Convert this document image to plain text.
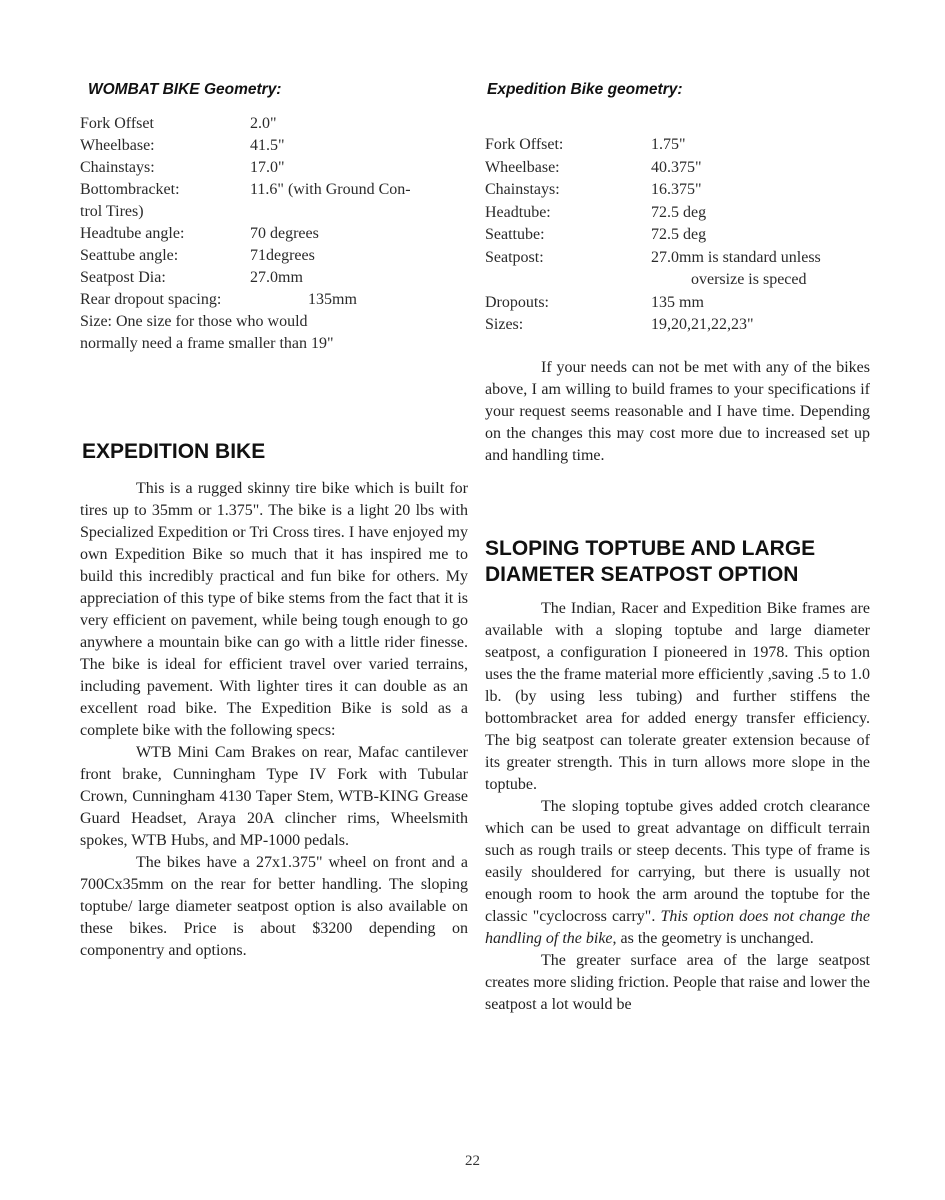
WOMBAT BIKE Geometry:
Fork Offset	2.0"
Wheelbase:	41.5"
Chainstays:	17.0"
Bottombracket:	11.6" (with Ground Con-
trol Tires)
Headtube angle:	70 degrees
Seattube angle:	71degrees
Seatpost Dia:	27.0mm
Rear dropout spacing:	135mm
Size: One size for those who would
normally need a frame smaller than 19"
EXPEDITION BIKE

This is a rugged skinny tire bike which is built for tires up to 35mm or 1.375". The bike is a light 20 lbs with Specialized Expedition or Tri Cross tires. I have enjoyed my own Expedition Bike so much that it has inspired me to build this incredibly practical and fun bike for others. My appreciation of this type of bike stems from the fact that it is very efficient on pavement, while being tough enough to go anywhere a mountain bike can go with a little rider finesse. The bike is ideal for efficient travel over varied terrains, including pavement. With lighter tires it can double as an excellent road bike. The Expedition Bike is sold as a complete bike with the following specs:

WTB Mini Cam Brakes on rear, Mafac cantilever front brake, Cunningham Type IV Fork with Tubular Crown, Cunningham 4130 Taper Stem, WTB-KING Grease Guard Headset, Araya 20A clincher rims, Wheelsmith spokes, WTB Hubs, and MP-1000 pedals.

The bikes have a 27x1.375" wheel on front and a 700Cx35mm on the rear for better handling. The sloping toptube/ large diameter seatpost option is also available on these bikes. Price is about $3200 depending on componentry and options.

Expedition Bike geometry:
Fork Offset:	1.75"
Wheelbase:	40.375"
Chainstays:	16.375"
Headtube:	72.5 deg
Seattube:	72.5 deg
Seatpost:	27.0mm is standard unless
oversize is speced
Dropouts:	135 mm
Sizes:	19,20,21,22,23"

If your needs can not be met with any of the bikes above, I am willing to build frames to your specifications if your request seems reasonable and I have time. Depending on the changes this may cost more due to increased set up and handling time.

SLOPING TOPTUBE AND LARGE DIAMETER SEATPOST OPTION

The Indian, Racer and Expedition Bike frames are available with a sloping toptube and large diameter seatpost, a configuration I pioneered in 1978. This option uses the the frame material more efficiently ,saving .5 to 1.0 lb. (by using less tubing) and further stiffens the bottombracket area for added energy transfer efficiency. The big seatpost can tolerate greater extension because of its greater strength. This in turn allows more slope in the toptube.

The sloping toptube gives added crotch clearance which can be used to great advantage on difficult terrain such as rough trails or steep decents. This type of frame is easily shouldered for carrying, but there is usually not enough room to hook the arm around the toptube for the classic "cyclocross carry". This option does not change the handling of the bike, as the geometry is unchanged.

The greater surface area of the large seatpost creates more sliding friction. People that raise and lower the seatpost a lot would be

22
